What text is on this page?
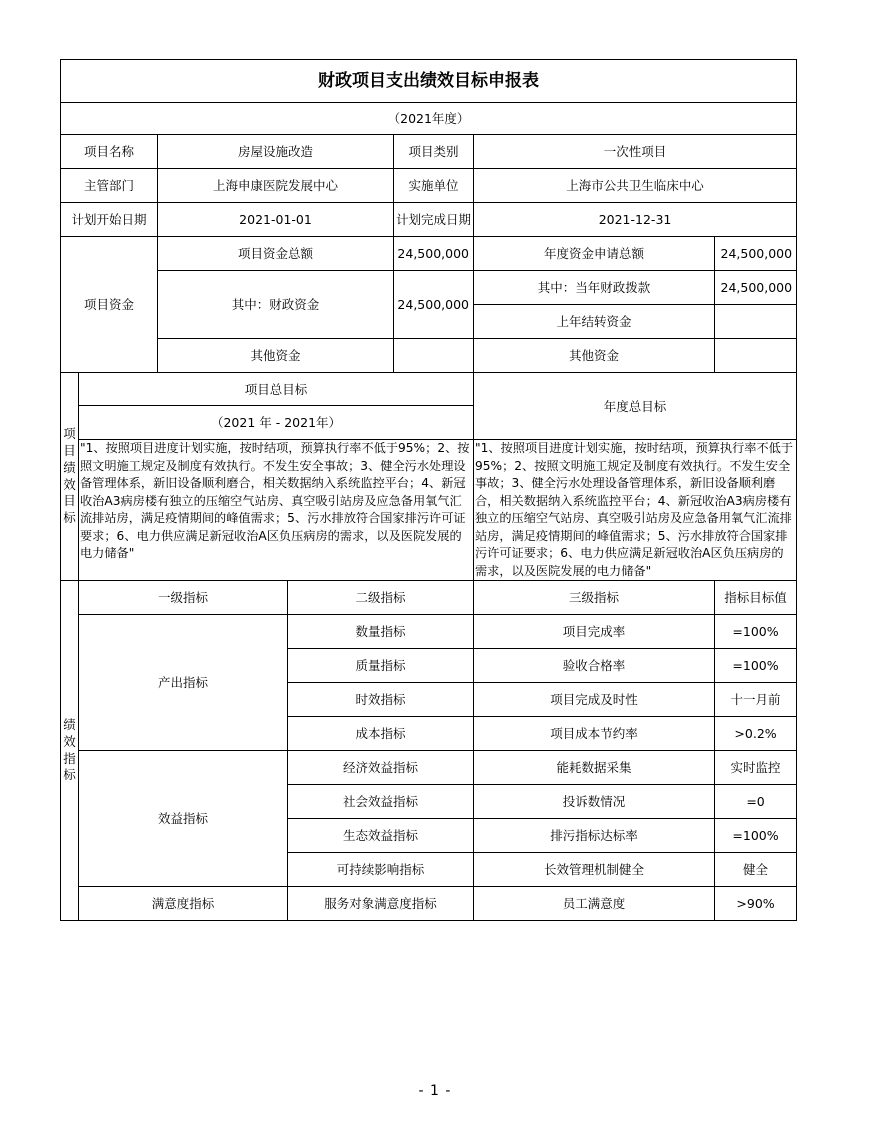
财政项目支出绩效目标申报表						
（2021年度）						
项目名称		房屋设施改造		项目类别	一次性项目	
主管部门		上海申康医院发展中心		实施单位	上海市公共卫生临床中心	
计划开始日期		2021-01-01		计划完成日期	2021-12-31	
项目资金		项目资金总额		24,500,000	年度资金申请总额	24,500,000
		其中：财政资金		24,500,000	其中：当年财政拨款	24,500,000
					上年结转资金	
		其他资金			其他资金	
项目绩效目标	项目总目标				年度总目标	
	（2021 年 - 2021年）					
	"1、按照项目进度计划实施，按时结项，预算执行率不低于95%；2、按照文明施工规定及制度有效执行。不发生安全事故；3、健全污水处理设备管理体系，新旧设备顺利磨合，相关数据纳入系统监控平台；4、新冠收治A3病房楼有独立的压缩空气站房、真空吸引站房及应急备用氧气汇流排站房，满足疫情期间的峰值需求；5、污水排放符合国家排污许可证要求；6、电力供应满足新冠收治A区负压病房的需求，以及医院发展的电力储备"				"1、按照项目进度计划实施，按时结项，预算执行率不低于95%；2、按照文明施工规定及制度有效执行。不发生安全事故；3、健全污水处理设备管理体系，新旧设备顺利磨合，相关数据纳入系统监控平台；4、新冠收治A3病房楼有独立的压缩空气站房、真空吸引站房及应急备用氧气汇流排站房，满足疫情期间的峰值需求；5、污水排放符合国家排污许可证要求；6、电力供应满足新冠收治A区负压病房的需求，以及医院发展的电力储备"	
绩效指标	一级指标		二级指标		三级指标	指标目标值
	产出指标		数量指标		项目完成率	=100%
			质量指标		验收合格率	=100%
			时效指标		项目完成及时性	十一月前
			成本指标		项目成本节约率	>0.2%
	效益指标		经济效益指标		能耗数据采集	实时监控
			社会效益指标		投诉数情况	=0
			生态效益指标		排污指标达标率	=100%
			可持续影响指标		长效管理机制健全	健全
	满意度指标		服务对象满意度指标		员工满意度	>90%
- 1 -
